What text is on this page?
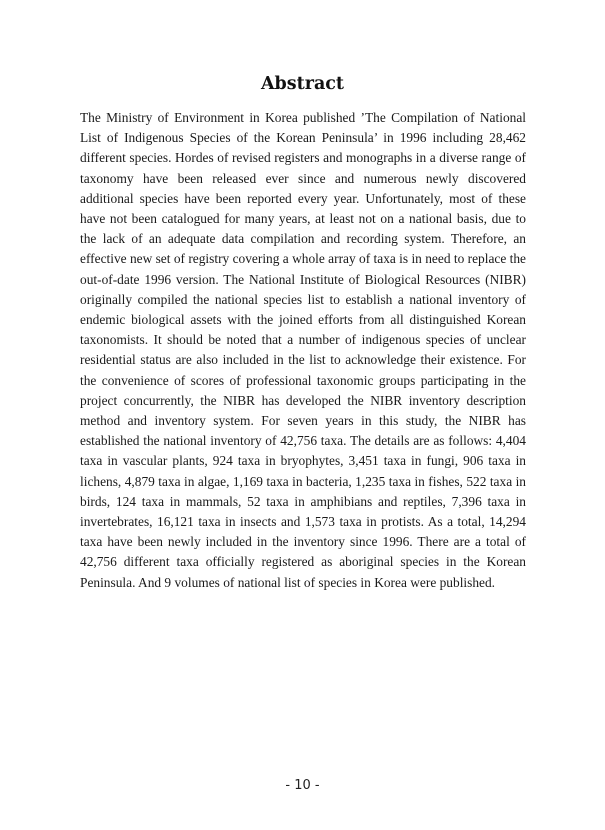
Abstract

The Ministry of Environment in Korea published ’The Compilation of National List of Indigenous Species of the Korean Peninsula’ in 1996 including 28,462 different species. Hordes of revised registers and monographs in a diverse range of taxonomy have been released ever since and numerous newly discovered additional species have been reported every year. Unfortunately, most of these have not been catalogued for many years, at least not on a national basis, due to the lack of an adequate data compilation and recording system. Therefore, an effective new set of registry covering a whole array of taxa is in need to replace the out-of-date 1996 version. The National Institute of Biological Resources (NIBR) originally compiled the national species list to establish a national inventory of endemic biological assets with the joined efforts from all distinguished Korean taxonomists. It should be noted that a number of indigenous species of unclear residential status are also included in the list to acknowledge their existence. For the convenience of scores of professional taxonomic groups participating in the project concurrently, the NIBR has developed the NIBR inventory description method and inventory system. For seven years in this study, the NIBR has established the national inventory of 42,756 taxa. The details are as follows: 4,404 taxa in vascular plants, 924 taxa in bryophytes, 3,451 taxa in fungi, 906 taxa in lichens, 4,879 taxa in algae, 1,169 taxa in bacteria, 1,235 taxa in fishes, 522 taxa in birds, 124 taxa in mammals, 52 taxa in amphibians and reptiles, 7,396 taxa in invertebrates, 16,121 taxa in insects and 1,573 taxa in protists. As a total, 14,294 taxa have been newly included in the inventory since 1996. There are a total of 42,756 different taxa officially registered as aboriginal species in the Korean Peninsula. And 9 volumes of national list of species in Korea were published.

- 10 -
